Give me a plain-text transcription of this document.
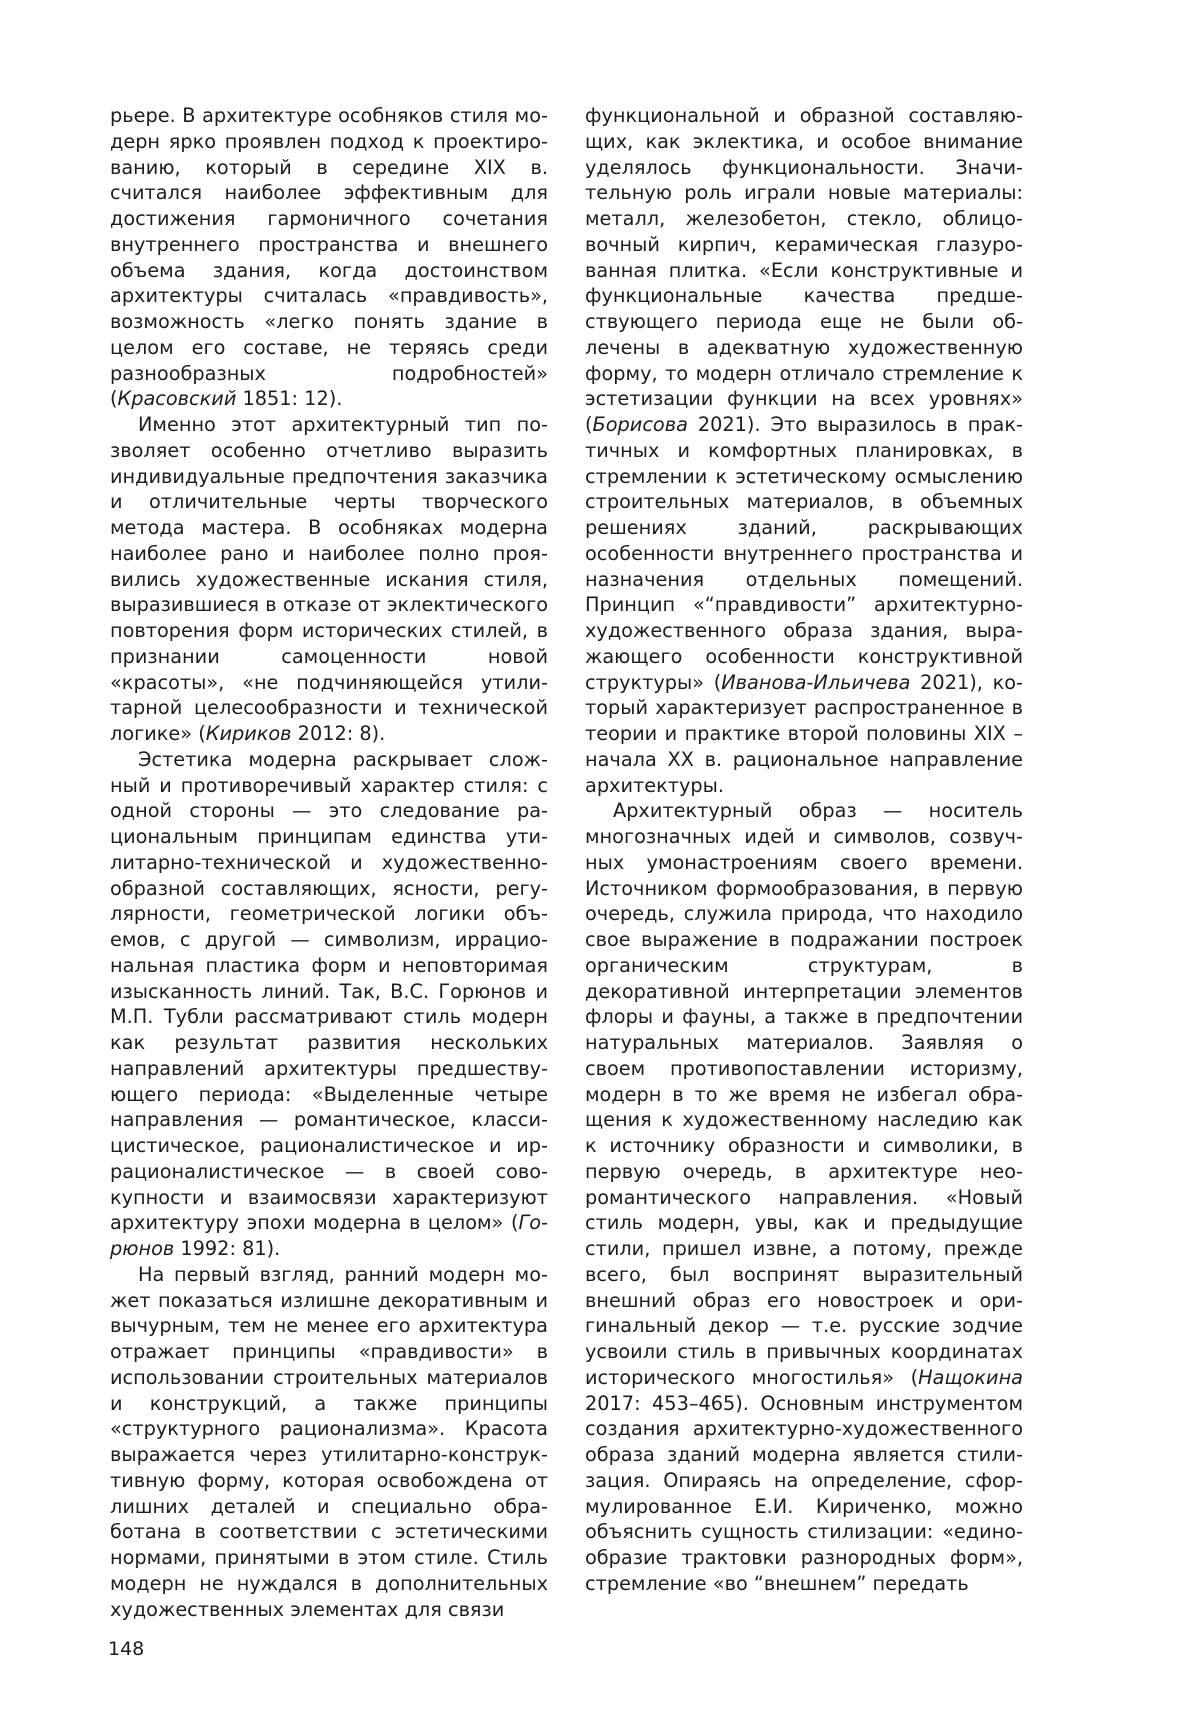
рьере. В архитектуре особняков стиля модерн ярко проявлен подход к проектированию, который в середине XIX в. считался наиболее эффективным для достижения гармоничного сочетания внутреннего пространства и внешнего объема здания, когда достоинством архитектуры считалась «правдивость», возможность «легко понять здание в целом его составе, не теряясь среди разнообразных подробностей» (Красовский 1851: 12).

Именно этот архитектурный тип позволяет особенно отчетливо выразить индивидуальные предпочтения заказчика и отличительные черты творческого метода мастера. В особняках модерна наиболее рано и наиболее полно проявились художественные искания стиля, выразившиеся в отказе от эклектического повторения форм исторических стилей, в признании самоценности новой «красоты», «не подчиняющейся утилитарной целесообразности и технической логике» (Кириков 2012: 8).

Эстетика модерна раскрывает сложный и противоречивый характер стиля: с одной стороны — это следование рациональным принципам единства утилитарно-технической и художественно-образной составляющих, ясности, регулярности, геометрической логики объемов, с другой — символизм, иррациональная пластика форм и неповторимая изысканность линий. Так, В.С. Горюнов и М.П. Тубли рассматривают стиль модерн как результат развития нескольких направлений архитектуры предшествующего периода: «Выделенные четыре направления — романтическое, классицистическое, рационалистическое и иррационалистическое — в своей совокупности и взаимосвязи характеризуют архитектуру эпохи модерна в целом» (Горюнов 1992: 81).

На первый взгляд, ранний модерн может показаться излишне декоративным и вычурным, тем не менее его архитектура отражает принципы «правдивости» в использовании строительных материалов и конструкций, а также принципы «структурного рационализма». Красота выражается через утилитарно-конструктивную форму, которая освобождена от лишних деталей и специально обработана в соответствии с эстетическими нормами, принятыми в этом стиле. Стиль модерн не нуждался в дополнительных художественных элементах для связи

функциональной и образной составляющих, как эклектика, и особое внимание уделялось функциональности. Значительную роль играли новые материалы: металл, железобетон, стекло, облицовочный кирпич, керамическая глазурованная плитка. «Если конструктивные и функциональные качества предшествующего периода еще не были облечены в адекватную художественную форму, то модерн отличало стремление к эстетизации функции на всех уровнях» (Борисова 2021). Это выразилось в практичных и комфортных планировках, в стремлении к эстетическому осмыслению строительных материалов, в объемных решениях зданий, раскрывающих особенности внутреннего пространства и назначения отдельных помещений. Принцип «“правдивости” архитектурно-художественного образа здания, выражающего особенности конструктивной структуры» (Иванова-Ильичева 2021), который характеризует распространенное в теории и практике второй половины XIX – начала XX в. рациональное направление архитектуры.

Архитектурный образ — носитель многозначных идей и символов, созвучных умонастроениям своего времени. Источником формообразования, в первую очередь, служила природа, что находило свое выражение в подражании построек органическим структурам, в декоративной интерпретации элементов флоры и фауны, а также в предпочтении натуральных материалов. Заявляя о своем противопоставлении историзму, модерн в то же время не избегал обращения к художественному наследию как к источнику образности и символики, в первую очередь, в архитектуре неоромантического направления. «Новый стиль модерн, увы, как и предыдущие стили, пришел извне, а потому, прежде всего, был воспринят выразительный внешний образ его новостроек и оригинальный декор — т.е. русские зодчие усвоили стиль в привычных координатах исторического многостилья» (Нащокина 2017: 453–465). Основным инструментом создания архитектурно-художественного образа зданий модерна является стилизация. Опираясь на определение, сформулированное Е.И. Кириченко, можно объяснить сущность стилизации: «единообразие трактовки разнородных форм», стремление «во “внешнем” передать

148
